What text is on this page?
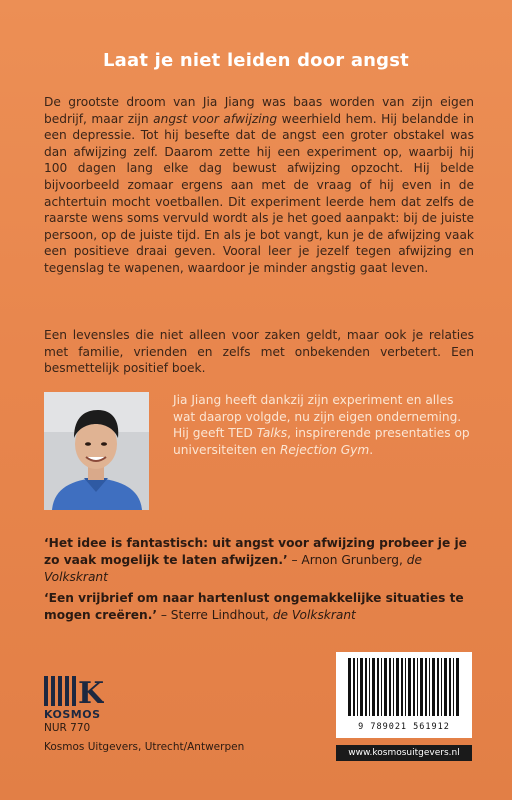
Laat je niet leiden door angst
De grootste droom van Jia Jiang was baas worden van zijn eigen bedrijf, maar zijn angst voor afwijzing weerhield hem. Hij belandde in een depressie. Tot hij besefte dat de angst een groter obstakel was dan afwijzing zelf. Daarom zette hij een experiment op, waarbij hij 100 dagen lang elke dag bewust afwijzing opzocht. Hij belde bijvoorbeeld zomaar ergens aan met de vraag of hij even in de achtertuin mocht voetballen. Dit experiment leerde hem dat zelfs de raarste wens soms vervuld wordt als je het goed aanpakt: bij de juiste persoon, op de juiste tijd. En als je bot vangt, kun je de afwijzing vaak een positieve draai geven. Vooral leer je jezelf tegen afwijzing en tegenslag te wapenen, waardoor je minder angstig gaat leven.
Een levensles die niet alleen voor zaken geldt, maar ook je relaties met familie, vrienden en zelfs met onbekenden verbetert. Een besmettelijk positief boek.
Jia Jiang heeft dankzij zijn experiment en alles wat daarop volgde, nu zijn eigen onderneming. Hij geeft TED Talks, inspirerende presentaties op universiteiten en Rejection Gym.
‘Het idee is fantastisch: uit angst voor afwijzing probeer je je zo vaak mogelijk te laten afwijzen.’ – Arnon Grunberg, de Volkskrant
‘Een vrijbrief om naar hartenlust ongemakkelijke situaties te mogen creëren.’ – Sterre Lindhout, de Volkskrant
K
KOSMOS
NUR 770
Kosmos Uitgevers, Utrecht/Antwerpen
9 789021 561912
www.kosmosuitgevers.nl
